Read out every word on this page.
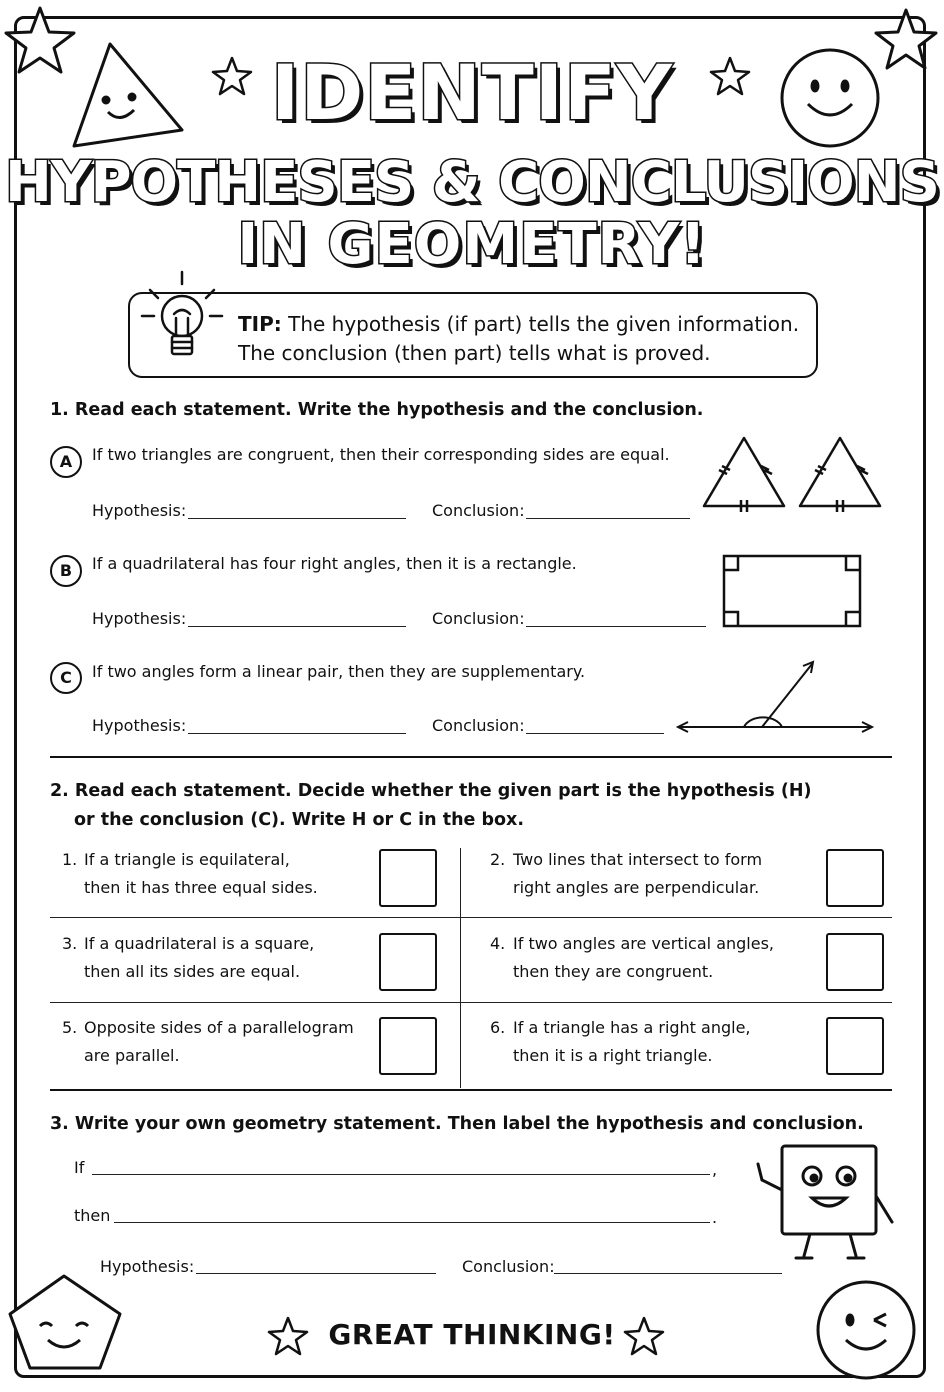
IDENTIFY
HYPOTHESES & CONCLUSIONS
IN GEOMETRY!
TIP: The hypothesis (if part) tells the given information.
The conclusion (then part) tells what is proved.
1. Read each statement. Write the hypothesis and the conclusion.
A	If two triangles are congruent, then their corresponding sides are equal.
Hypothesis:	Conclusion:
B	If a quadrilateral has four right angles, then it is a rectangle.
Hypothesis:	Conclusion:
C	If two angles form a linear pair, then they are supplementary.
Hypothesis:	Conclusion:
2. Read each statement. Decide whether the given part is the hypothesis (H)
or the conclusion (C). Write H or C in the box.
1. If a triangle is equilateral,
then it has three equal sides.
2. Two lines that intersect to form
right angles are perpendicular.
3. If a quadrilateral is a square,
then all its sides are equal.
4. If two angles are vertical angles,
then they are congruent.
5. Opposite sides of a parallelogram
are parallel.
6. If a triangle has a right angle,
then it is a right triangle.
3. Write your own geometry statement. Then label the hypothesis and conclusion.
If	,
then	.
Hypothesis:	Conclusion:
GREAT THINKING!
